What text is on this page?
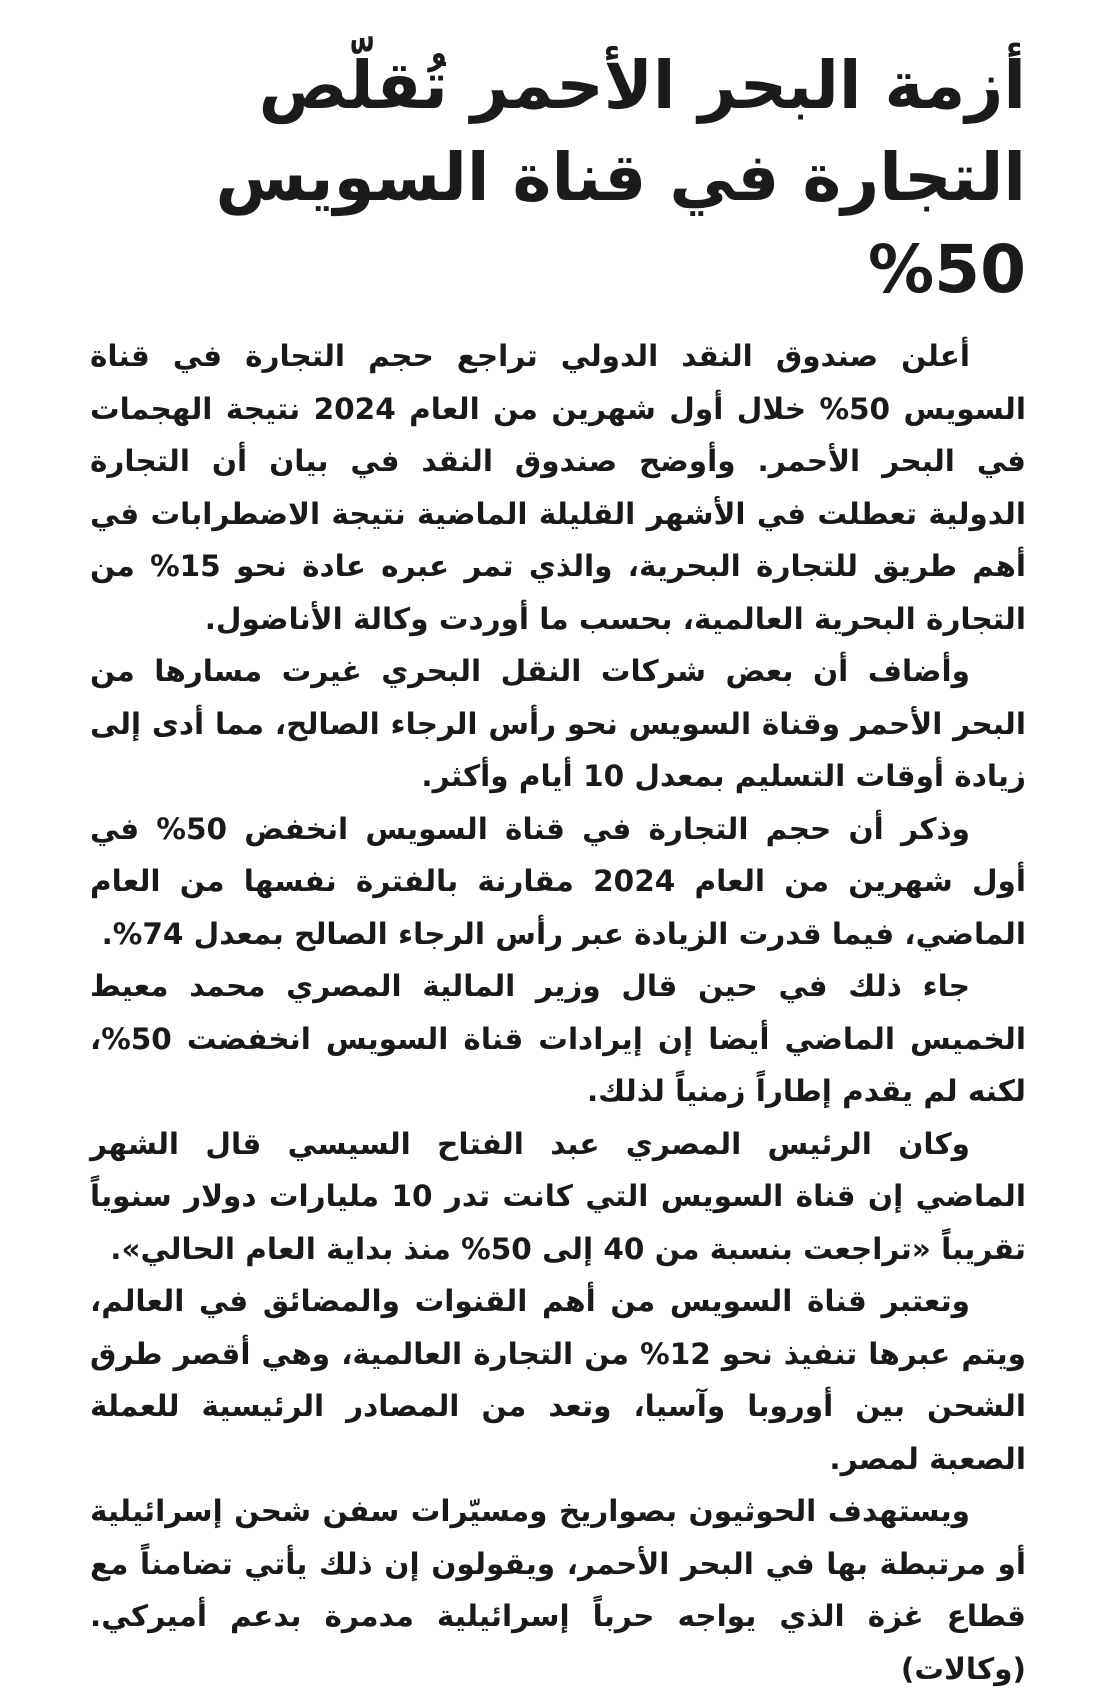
أزمة البحر الأحمر تُقلّص التجارة في قناة السويس 50%

أعلن صندوق النقد الدولي تراجع حجم التجارة في قناة السويس 50% خلال أول شهرين من العام 2024 نتيجة الهجمات في البحر الأحمر. وأوضح صندوق النقد في بيان أن التجارة الدولية تعطلت في الأشهر القليلة الماضية نتيجة الاضطرابات في أهم طريق للتجارة البحرية، والذي تمر عبره عادة نحو 15% من التجارة البحرية العالمية، بحسب ما أوردت وكالة الأناضول.

وأضاف أن بعض شركات النقل البحري غيرت مسارها من البحر الأحمر وقناة السويس نحو رأس الرجاء الصالح، مما أدى إلى زيادة أوقات التسليم بمعدل 10 أيام وأكثر.

وذكر أن حجم التجارة في قناة السويس انخفض 50% في أول شهرين من العام 2024 مقارنة بالفترة نفسها من العام الماضي، فيما قدرت الزيادة عبر رأس الرجاء الصالح بمعدل 74%.

جاء ذلك في حين قال وزير المالية المصري محمد معيط الخميس الماضي أيضا إن إيرادات قناة السويس انخفضت 50%، لكنه لم يقدم إطاراً زمنياً لذلك.

وكان الرئيس المصري عبد الفتاح السيسي قال الشهر الماضي إن قناة السويس التي كانت تدر 10 مليارات دولار سنوياً تقريباً «تراجعت بنسبة من 40 إلى 50% منذ بداية العام الحالي».

وتعتبر قناة السويس من أهم القنوات والمضائق في العالم، ويتم عبرها تنفيذ نحو 12% من التجارة العالمية، وهي أقصر طرق الشحن بين أوروبا وآسيا، وتعد من المصادر الرئيسية للعملة الصعبة لمصر.

ويستهدف الحوثيون بصواريخ ومسيّرات سفن شحن إسرائيلية أو مرتبطة بها في البحر الأحمر، ويقولون إن ذلك يأتي تضامناً مع قطاع غزة الذي يواجه حرباً إسرائيلية مدمرة بدعم أميركي. (وكالات)
